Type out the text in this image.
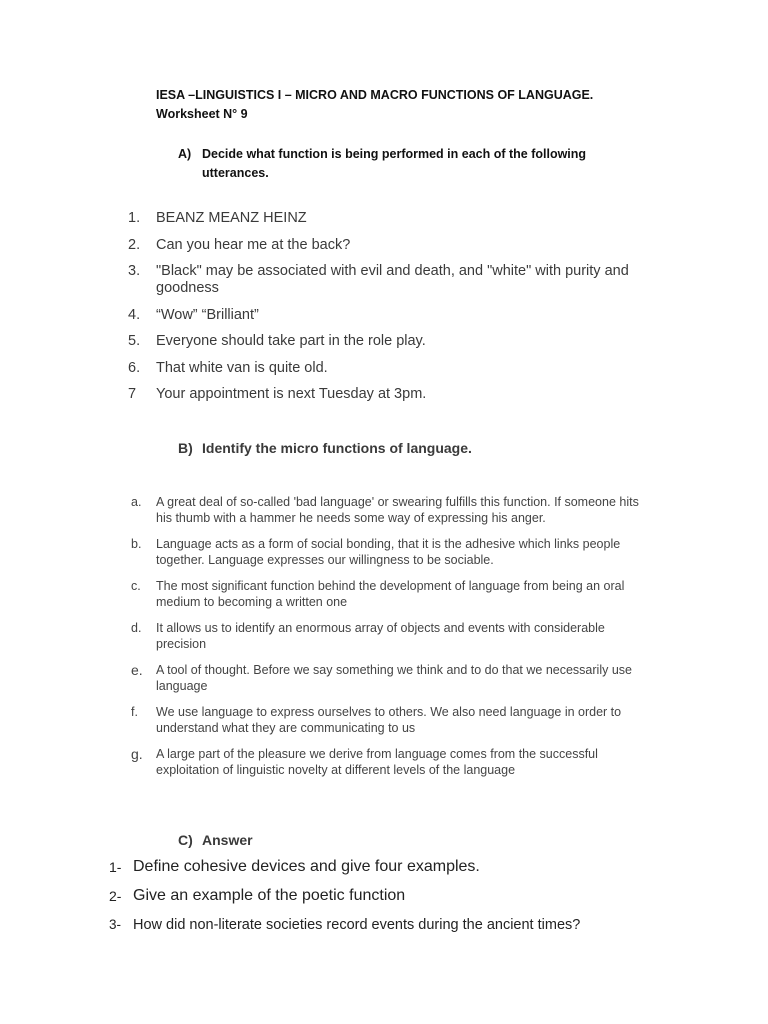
IESA –LINGUISTICS I – MICRO AND MACRO FUNCTIONS OF LANGUAGE.
Worksheet N° 9
A) Decide what function is being performed in each of the following utterances.
1.	BEANZ MEANZ HEINZ
2.	Can you hear me at the back?
3.	"Black" may be associated with evil and death, and "white" with purity and goodness
4.	“Wow” “Brilliant”
5.	Everyone should take part in the role play.
6.	That white van is quite old.
7	Your appointment is next Tuesday at 3pm.
B) Identify the micro functions of language.
a.	A great deal of so-called 'bad language' or swearing fulfills this function. If someone hits his thumb with a hammer he needs some way of expressing his anger.
b.	Language acts as a form of social bonding, that it is the adhesive which links people together. Language expresses our willingness to be sociable.
c.	The most significant function behind the development of language from being an oral medium to becoming a written one
d.	It allows us to identify an enormous array of objects and events with considerable precision
e.	A tool of thought. Before we say something we think and to do that we necessarily use language
f.	We use language to express ourselves to others. We also need language in order to understand what they are communicating to us
g.	A large part of the pleasure we derive from language comes from the successful exploitation of linguistic novelty at different levels of the language
C) Answer
1- Define cohesive devices and give four examples.
2- Give an example of the poetic function
3- How did non-literate societies record events during the ancient times?
